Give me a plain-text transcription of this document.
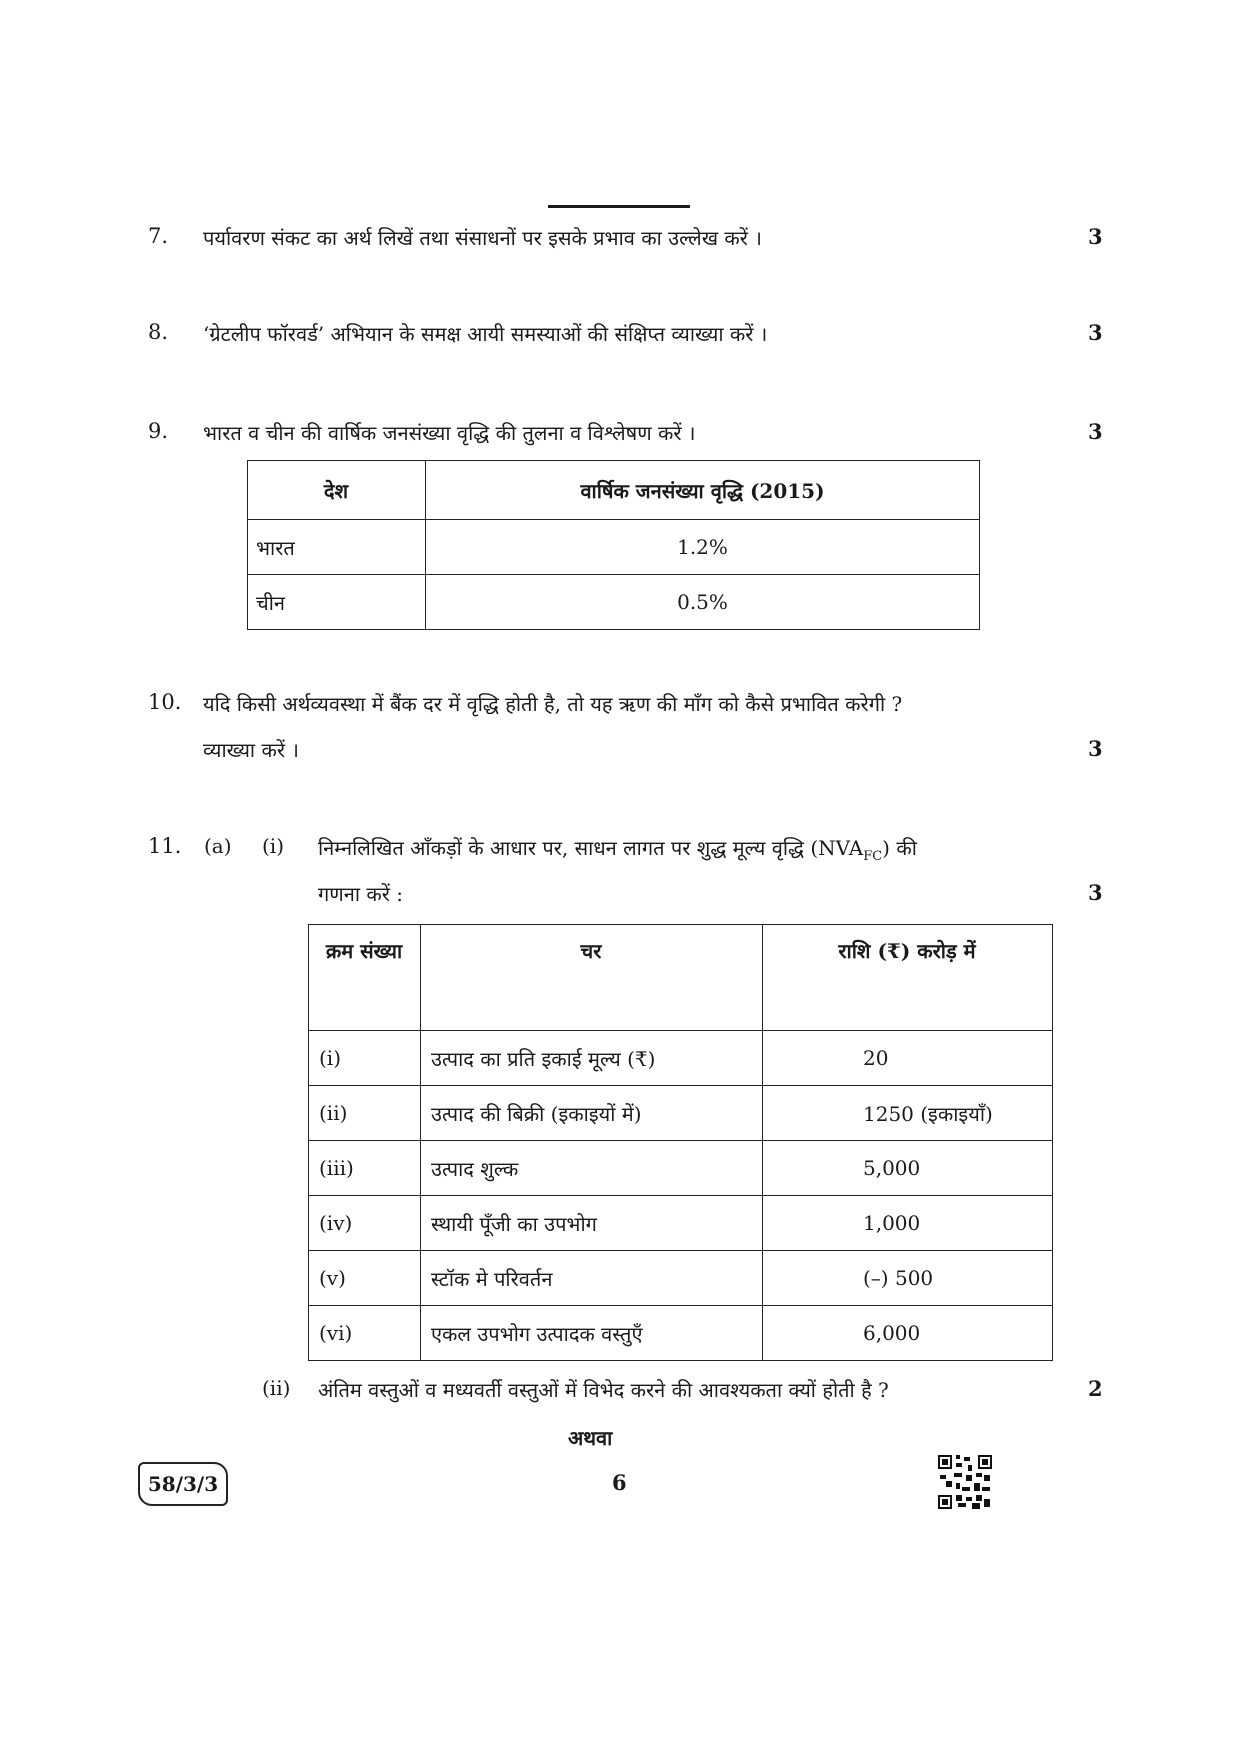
7. पर्यावरण संकट का अर्थ लिखें तथा संसाधनों पर इसके प्रभाव का उल्लेख करें ।	3
8. ‘ग्रेटलीप फॉरवर्ड’ अभियान के समक्ष आयी समस्याओं की संक्षिप्त व्याख्या करें ।	3
9. भारत व चीन की वार्षिक जनसंख्या वृद्धि की तुलना व विश्लेषण करें ।	3
देश	वार्षिक जनसंख्या वृद्धि (2015)
भारत	1.2%
चीन	0.5%
10. यदि किसी अर्थव्यवस्था में बैंक दर में वृद्धि होती है, तो यह ऋण की माँग को कैसे प्रभावित करेगी ?
व्याख्या करें ।	3
11. (a) (i) निम्नलिखित आँकड़ों के आधार पर, साधन लागत पर शुद्ध मूल्य वृद्धि $(NVA_{FC})$ की
गणना करें :	3
क्रम संख्या	चर	राशि (₹) करोड़ में
(i)	उत्पाद का प्रति इकाई मूल्य (₹)	20
(ii)	उत्पाद की बिक्री (इकाइयों में)	1250 (इकाइयाँ)
(iii)	उत्पाद शुल्क	5,000
(iv)	स्थायी पूँजी का उपभोग	1,000
(v)	स्टॉक मे परिवर्तन	(–) 500
(vi)	एकल उपभोग उत्पादक वस्तुएँ	6,000
(ii) अंतिम वस्तुओं व मध्यवर्ती वस्तुओं में विभेद करने की आवश्यकता क्यों होती है ?	2
अथवा
58/3/3	6
